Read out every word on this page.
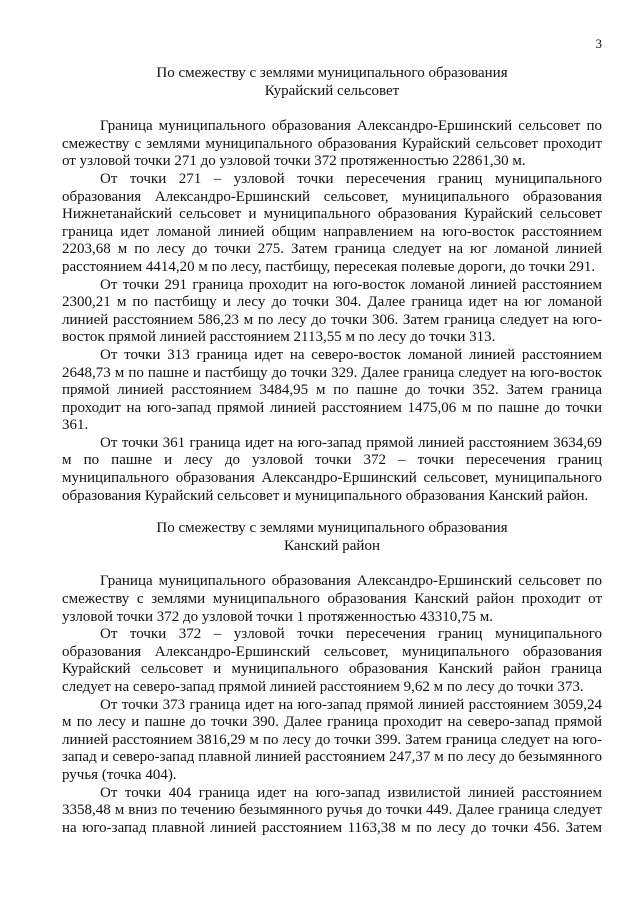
3
По смежеству с землями муниципального образования
Курайский сельсовет

Граница муниципального образования Александро-Ершинский сельсовет по смежеству с землями муниципального образования Курайский сельсовет проходит от узловой точки 271 до узловой точки 372 протяженностью 22861,30 м.

От точки 271 – узловой точки пересечения границ муниципального образования Александро-Ершинский сельсовет, муниципального образования Нижнетанайский сельсовет и муниципального образования Курайский сельсовет граница идет ломаной линией общим направлением на юго-восток расстоянием 2203,68 м по лесу до точки 275. Затем граница следует на юг ломаной линией расстоянием 4414,20 м по лесу, пастбищу, пересекая полевые дороги, до точки 291.

От точки 291 граница проходит на юго-восток ломаной линией расстоянием 2300,21 м по пастбищу и лесу до точки 304. Далее граница идет на юг ломаной линией расстоянием 586,23 м по лесу до точки 306. Затем граница следует на юго-восток прямой линией расстоянием 2113,55 м по лесу до точки 313.

От точки 313 граница идет на северо-восток ломаной линией расстоянием 2648,73 м по пашне и пастбищу до точки 329. Далее граница следует на юго-восток прямой линией расстоянием 3484,95 м по пашне до точки 352. Затем граница проходит на юго-запад прямой линией расстоянием 1475,06 м по пашне до точки 361.

От точки 361 граница идет на юго-запад прямой линией расстоянием 3634,69 м по пашне и лесу до узловой точки 372 – точки пересечения границ муниципального образования Александро-Ершинский сельсовет, муниципального образования Курайский сельсовет и муниципального образования Канский район.

По смежеству с землями муниципального образования
Канский район

Граница муниципального образования Александро-Ершинский сельсовет по смежеству с землями муниципального образования Канский район проходит от узловой точки 372 до узловой точки 1 протяженностью 43310,75 м.

От точки 372 – узловой точки пересечения границ муниципального образования Александро-Ершинский сельсовет, муниципального образования Курайский сельсовет и муниципального образования Канский район граница следует на северо-запад прямой линией расстоянием 9,62 м по лесу до точки 373.

От точки 373 граница идет на юго-запад прямой линией расстоянием 3059,24 м по лесу и пашне до точки 390. Далее граница проходит на северо-запад прямой линией расстоянием 3816,29 м по лесу до точки 399. Затем граница следует на юго-запад и северо-запад плавной линией расстоянием 247,37 м по лесу до безымянного ручья (точка 404).

От точки 404 граница идет на юго-запад извилистой линией расстоянием 3358,48 м вниз по течению безымянного ручья до точки 449. Далее граница следует на юго-запад плавной линией расстоянием 1163,38 м по лесу до точки 456. Затем
